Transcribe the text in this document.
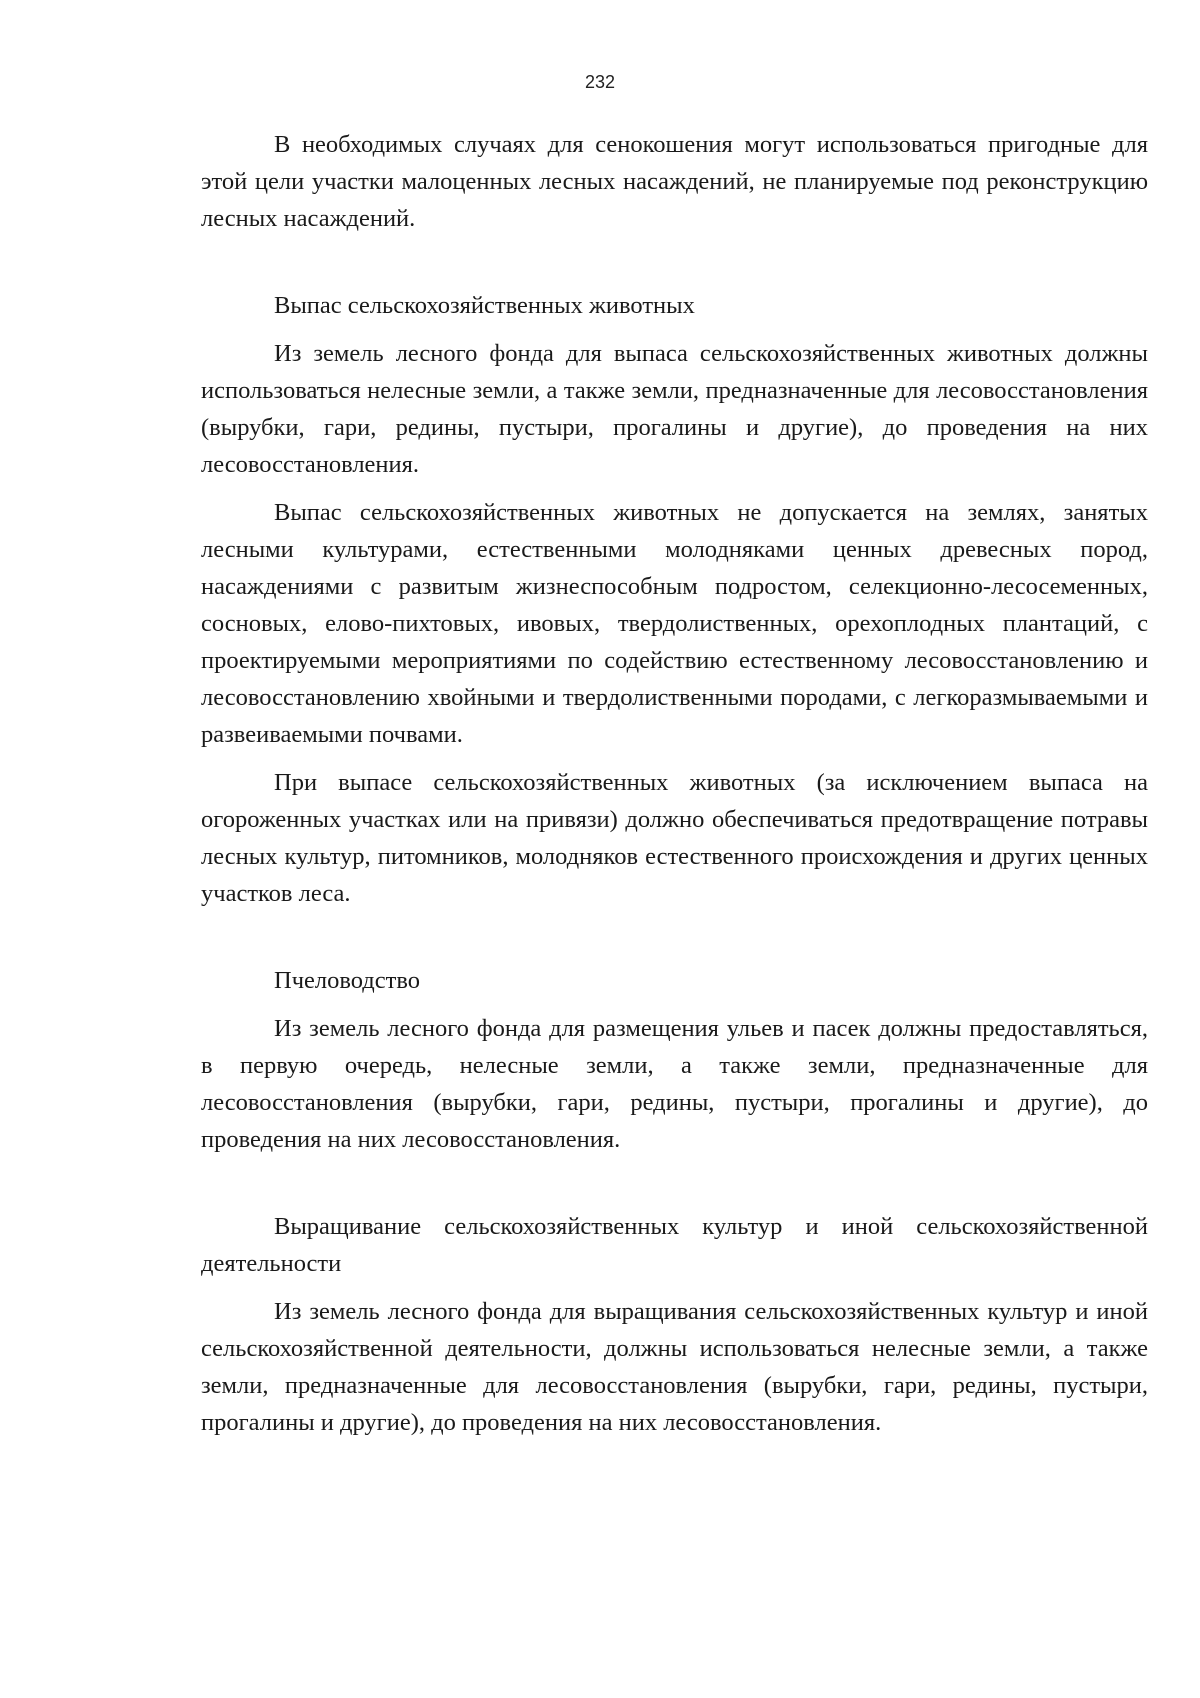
232

В необходимых случаях для сенокошения могут использоваться пригодные для этой цели участки малоценных лесных насаждений, не планируемые под реконструкцию лесных насаждений.

Выпас сельскохозяйственных животных

Из земель лесного фонда для выпаса сельскохозяйственных животных должны использоваться нелесные земли, а также земли, предназначенные для лесовосстановления (вырубки, гари, редины, пустыри, прогалины и другие), до проведения на них лесовосстановления.

Выпас сельскохозяйственных животных не допускается на землях, занятых лесными культурами, естественными молодняками ценных древесных пород, насаждениями с развитым жизнеспособным подростом, селекционно-лесосеменных, сосновых, елово-пихтовых, ивовых, твердолиственных, орехоплодных плантаций, с проектируемыми мероприятиями по содействию естественному лесовосстановлению и лесовосстановлению хвойными и твердолиственными породами, с легкоразмываемыми и развеиваемыми почвами.

При выпасе сельскохозяйственных животных (за исключением выпаса на огороженных участках или на привязи) должно обеспечиваться предотвращение потравы лесных культур, питомников, молодняков естественного происхождения и других ценных участков леса.

Пчеловодство

Из земель лесного фонда для размещения ульев и пасек должны предоставляться, в первую очередь, нелесные земли, а также земли, предназначенные для лесовосстановления (вырубки, гари, редины, пустыри, прогалины и другие), до проведения на них лесовосстановления.

Выращивание сельскохозяйственных культур и иной сельскохозяйственной деятельности

Из земель лесного фонда для выращивания сельскохозяйственных культур и иной сельскохозяйственной деятельности, должны использоваться нелесные земли, а также земли, предназначенные для лесовосстановления (вырубки, гари, редины, пустыри, прогалины и другие), до проведения на них лесовосстановления.
